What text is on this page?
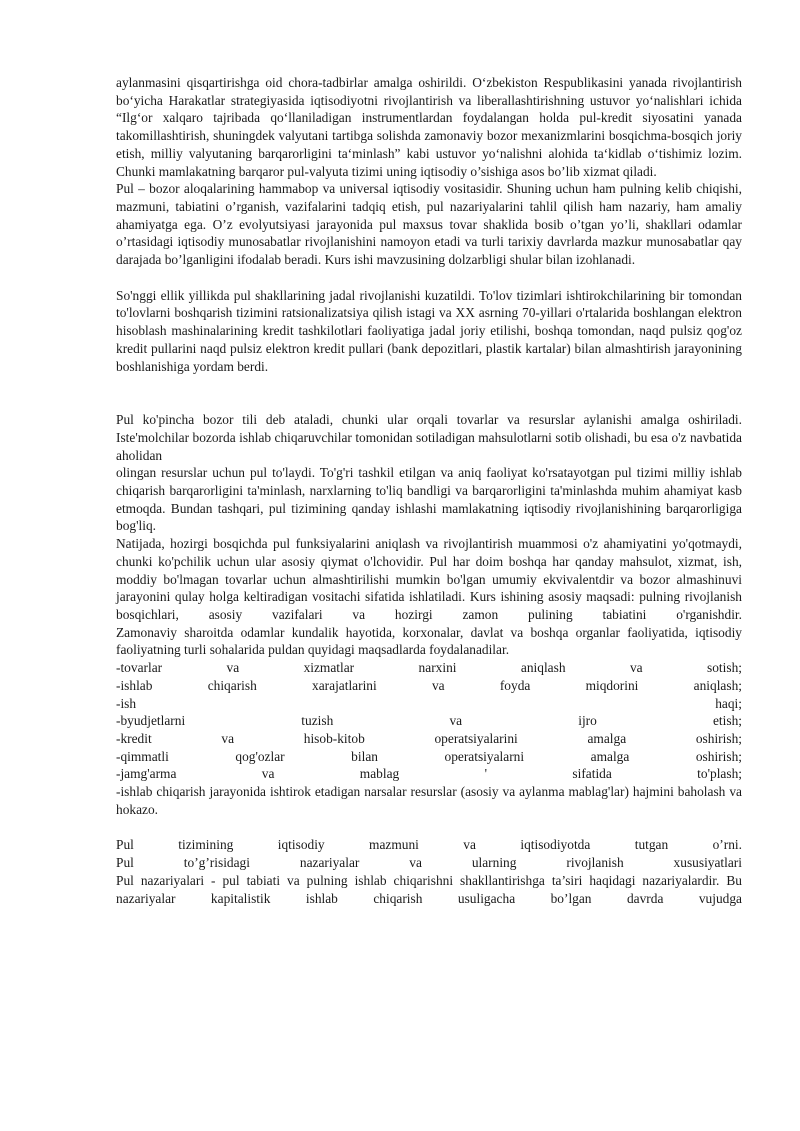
aylanmasini qisqartirishga oid chora-tadbirlar amalga oshirildi. O‘zbekiston Respublikasini yanada rivojlantirish bo‘yicha Harakatlar strategiyasida iqtisodiyotni rivojlantirish va liberallashtirishning ustuvor yo‘nalishlari ichida “Ilg‘or xalqaro tajribada qo‘llaniladigan instrumentlardan foydalangan holda pul-kredit siyosatini yanada takomillashtirish, shuningdek valyutani tartibga solishda zamonaviy bozor mexanizmlarini bosqichma-bosqich joriy etish, milliy valyutaning barqarorligini ta‘minlash” kabi ustuvor yo‘nalishni alohida ta‘kidlab o‘tishimiz lozim. Chunki mamlakatning barqaror pul-valyuta tizimi uning iqtisodiy o’sishiga asos bo’lib xizmat qiladi.

Pul – bozor aloqalarining hammabop va universal iqtisodiy vositasidir. Shuning uchun ham pulning kelib chiqishi, mazmuni, tabiatini o’rganish, vazifalarini tadqiq etish, pul nazariyalarini tahlil qilish ham nazariy, ham amaliy ahamiyatga ega. O’z evolyutsiyasi jarayonida pul maxsus tovar shaklida bosib o’tgan yo’li, shakllari odamlar o’rtasidagi iqtisodiy munosabatlar rivojlanishini namoyon etadi va turli tarixiy davrlarda mazkur munosabatlar qay darajada bo’lganligini ifodalab beradi. Kurs ishi mavzusining dolzarbligi shular bilan izohlanadi.

So'nggi ellik yillikda pul shakllarining jadal rivojlanishi kuzatildi. To'lov tizimlari ishtirokchilarining bir tomondan to'lovlarni boshqarish tizimini ratsionalizatsiya qilish istagi va XX asrning 70-yillari o'rtalarida boshlangan elektron hisoblash mashinalarining kredit tashkilotlari faoliyatiga jadal joriy etilishi, boshqa tomondan, naqd pulsiz qog'oz kredit pullarini naqd pulsiz elektron kredit pullari (bank depozitlari, plastik kartalar) bilan almashtirish jarayonining boshlanishiga yordam berdi.

Pul ko'pincha bozor tili deb ataladi, chunki ular orqali tovarlar va resurslar aylanishi amalga oshiriladi. Iste'molchilar bozorda ishlab chiqaruvchilar tomonidan sotiladigan mahsulotlarni sotib olishadi, bu esa o'z navbatida aholidan

olingan resurslar uchun pul to'laydi. To'g'ri tashkil etilgan va aniq faoliyat ko'rsatayotgan pul tizimi milliy ishlab chiqarish barqarorligini ta'minlash, narxlarning to'liq bandligi va barqarorligini ta'minlashda muhim ahamiyat kasb etmoqda. Bundan tashqari, pul tizimining qanday ishlashi mamlakatning iqtisodiy rivojlanishining barqarorligiga bog'liq.

Natijada, hozirgi bosqichda pul funksiyalarini aniqlash va rivojlantirish muammosi o'z ahamiyatini yo'qotmaydi, chunki ko'pchilik uchun ular asosiy qiymat o'lchovidir. Pul har doim boshqa har qanday mahsulot, xizmat, ish, moddiy bo'lmagan tovarlar uchun almashtirilishi mumkin bo'lgan umumiy ekvivalentdir va bozor almashinuvi jarayonini qulay holga keltiradigan vositachi sifatida ishlatiladi. Kurs ishining asosiy maqsadi: pulning rivojlanish bosqichlari, asosiy vazifalari va hozirgi zamon pulining tabiatini o'rganishdir.

Zamonaviy sharoitda odamlar kundalik hayotida, korxonalar, davlat va boshqa organlar faoliyatida, iqtisodiy faoliyatning turli sohalarida puldan quyidagi maqsadlarda foydalanadilar.

-tovarlar va xizmatlar narxini aniqlash va sotish;

-ishlab chiqarish xarajatlarini va foyda miqdorini aniqlash;

-ish haqi;

-byudjetlarni tuzish va ijro etish;

-kredit va hisob-kitob operatsiyalarini amalga oshirish;

-qimmatli qog'ozlar bilan operatsiyalarni amalga oshirish;

-jamg'arma va mablag ' sifatida to'plash;

-ishlab chiqarish jarayonida ishtirok etadigan narsalar resurslar (asosiy va aylanma mablag'lar) hajmini baholash va hokazo.

Pul tizimining iqtisodiy mazmuni va iqtisodiyotda tutgan o’rni.

Pul to’g’risidagi nazariyalar va ularning rivojlanish xususiyatlari

Pul nazariyalari - pul tabiati va pulning ishlab chiqarishni shakllantirishga ta’siri haqidagi nazariyalardir. Bu nazariyalar kapitalistik ishlab chiqarish usuligacha bo’lgan davrda vujudga
